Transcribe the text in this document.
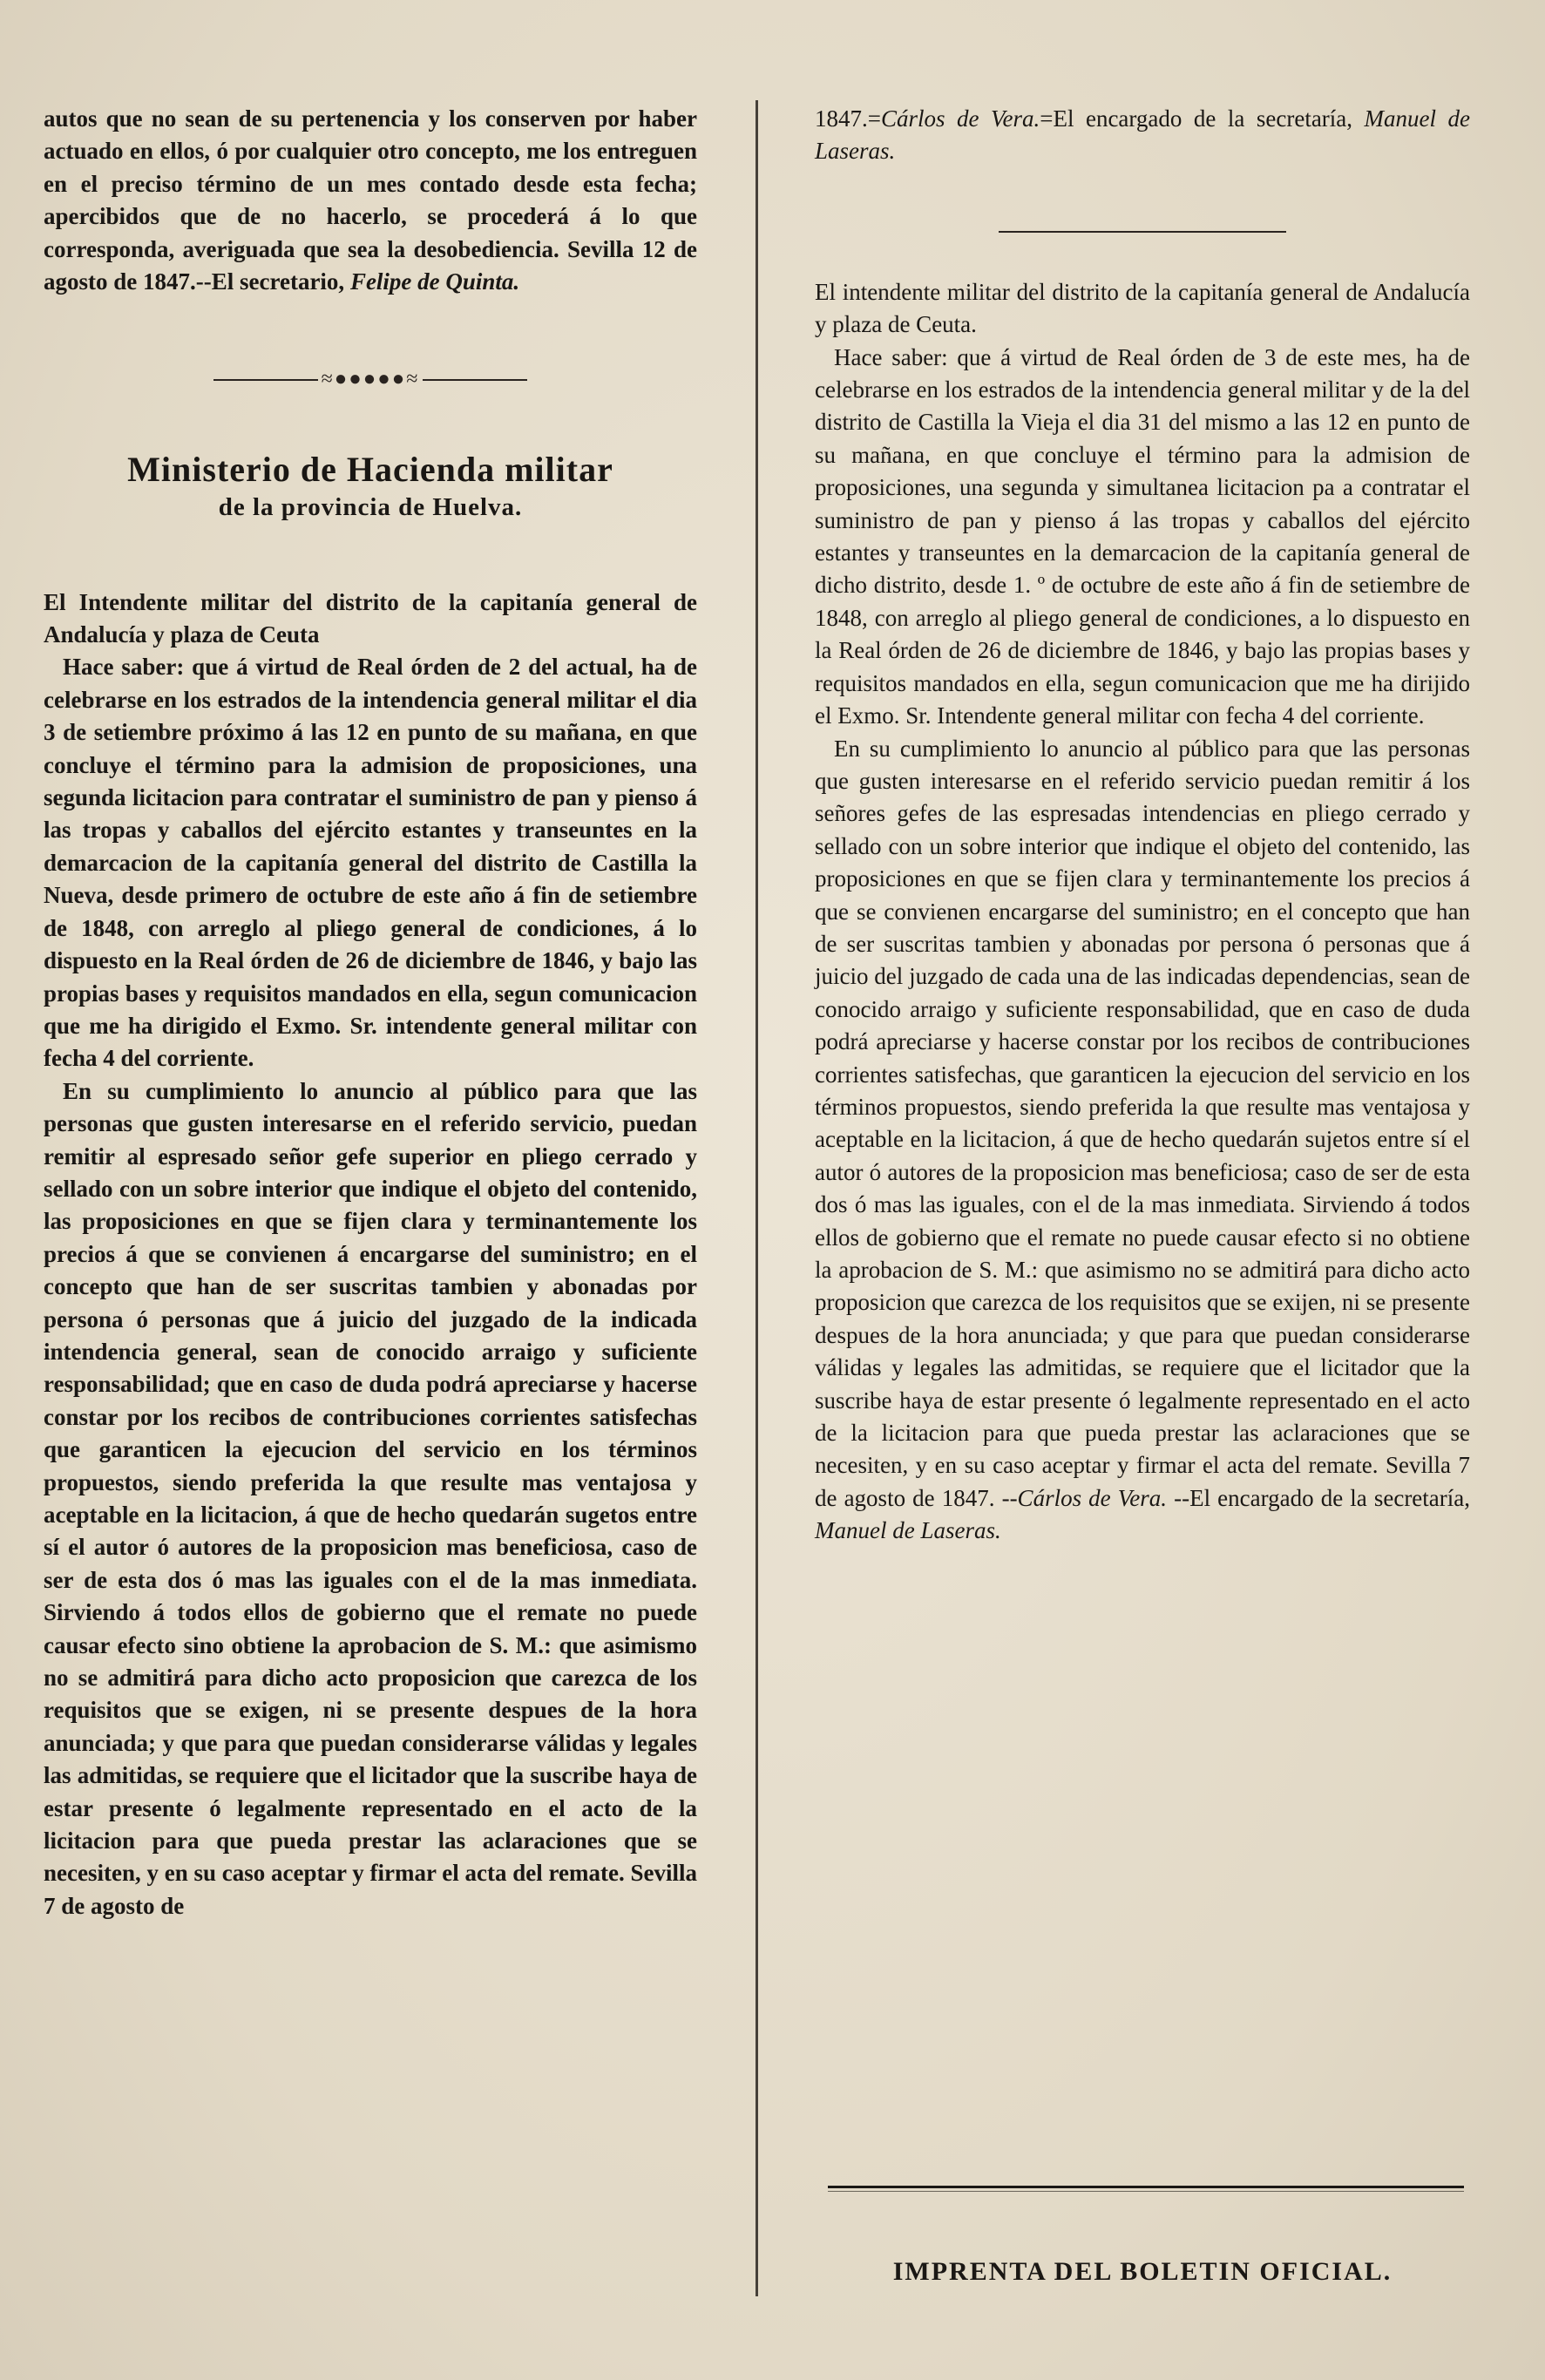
autos que no sean de su pertenencia y los conserven por haber actuado en ellos, ó por cualquier otro concepto, me los entreguen en el preciso término de un mes contado desde esta fecha; apercibidos que de no hacerlo, se procederá á lo que corresponda, averiguada que sea la desobediencia. Sevilla 12 de agosto de 1847.--El secretario, Felipe de Quinta.

≈●●●●●≈

Ministerio de Hacienda militar

de la provincia de Huelva.

El Intendente militar del distrito de la capitanía general de Andalucía y plaza de Ceuta

Hace saber: que á virtud de Real órden de 2 del actual, ha de celebrarse en los estrados de la intendencia general militar el dia 3 de setiembre próximo á las 12 en punto de su mañana, en que concluye el término para la admision de proposiciones, una segunda licitacion para contratar el suministro de pan y pienso á las tropas y caballos del ejército estantes y transeuntes en la demarcacion de la capitanía general del distrito de Castilla la Nueva, desde primero de octubre de este año á fin de setiembre de 1848, con arreglo al pliego general de condiciones, á lo dispuesto en la Real órden de 26 de diciembre de 1846, y bajo las propias bases y requisitos mandados en ella, segun comunicacion que me ha dirigido el Exmo. Sr. intendente general militar con fecha 4 del corriente.

En su cumplimiento lo anuncio al público para que las personas que gusten interesarse en el referido servicio, puedan remitir al espresado señor gefe superior en pliego cerrado y sellado con un sobre interior que indique el objeto del contenido, las proposiciones en que se fijen clara y terminantemente los precios á que se convienen á encargarse del suministro; en el concepto que han de ser suscritas tambien y abonadas por persona ó personas que á juicio del juzgado de la indicada intendencia general, sean de conocido arraigo y suficiente responsabilidad; que en caso de duda podrá apreciarse y hacerse constar por los recibos de contribuciones corrientes satisfechas que garanticen la ejecucion del servicio en los términos propuestos, siendo preferida la que resulte mas ventajosa y aceptable en la licitacion, á que de hecho quedarán sugetos entre sí el autor ó autores de la proposicion mas beneficiosa, caso de ser de esta dos ó mas las iguales con el de la mas inmediata. Sirviendo á todos ellos de gobierno que el remate no puede causar efecto sino obtiene la aprobacion de S. M.: que asimismo no se admitirá para dicho acto proposicion que carezca de los requisitos que se exigen, ni se presente despues de la hora anunciada; y que para que puedan considerarse válidas y legales las admitidas, se requiere que el licitador que la suscribe haya de estar presente ó legalmente representado en el acto de la licitacion para que pueda prestar las aclaraciones que se necesiten, y en su caso aceptar y firmar el acta del remate. Sevilla 7 de agosto de

1847.=Cárlos de Vera.=El encargado de la secretaría, Manuel de Laseras.

El intendente militar del distrito de la capitanía general de Andalucía y plaza de Ceuta.

Hace saber: que á virtud de Real órden de 3 de este mes, ha de celebrarse en los estrados de la intendencia general militar y de la del distrito de Castilla la Vieja el dia 31 del mismo a las 12 en punto de su mañana, en que concluye el término para la admision de proposiciones, una segunda y simultanea licitacion pa a contratar el suministro de pan y pienso á las tropas y caballos del ejército estantes y transeuntes en la demarcacion de la capitanía general de dicho distrito, desde 1. º de octubre de este año á fin de setiembre de 1848, con arreglo al pliego general de condiciones, a lo dispuesto en la Real órden de 26 de diciembre de 1846, y bajo las propias bases y requisitos mandados en ella, segun comunicacion que me ha dirijido el Exmo. Sr. Intendente general militar con fecha 4 del corriente.

En su cumplimiento lo anuncio al público para que las personas que gusten interesarse en el referido servicio puedan remitir á los señores gefes de las espresadas intendencias en pliego cerrado y sellado con un sobre interior que indique el objeto del contenido, las proposiciones en que se fijen clara y terminantemente los precios á que se convienen encargarse del suministro; en el concepto que han de ser suscritas tambien y abonadas por persona ó personas que á juicio del juzgado de cada una de las indicadas dependencias, sean de conocido arraigo y suficiente responsabilidad, que en caso de duda podrá apreciarse y hacerse constar por los recibos de contribuciones corrientes satisfechas, que garanticen la ejecucion del servicio en los términos propuestos, siendo preferida la que resulte mas ventajosa y aceptable en la licitacion, á que de hecho quedarán sujetos entre sí el autor ó autores de la proposicion mas beneficiosa; caso de ser de esta dos ó mas las iguales, con el de la mas inmediata. Sirviendo á todos ellos de gobierno que el remate no puede causar efecto si no obtiene la aprobacion de S. M.: que asimismo no se admitirá para dicho acto proposicion que carezca de los requisitos que se exijen, ni se presente despues de la hora anunciada; y que para que puedan considerarse válidas y legales las admitidas, se requiere que el licitador que la suscribe haya de estar presente ó legalmente representado en el acto de la licitacion para que pueda prestar las aclaraciones que se necesiten, y en su caso aceptar y firmar el acta del remate. Sevilla 7 de agosto de 1847. --Cárlos de Vera. --El encargado de la secretaría, Manuel de Laseras.

IMPRENTA DEL BOLETIN OFICIAL.
